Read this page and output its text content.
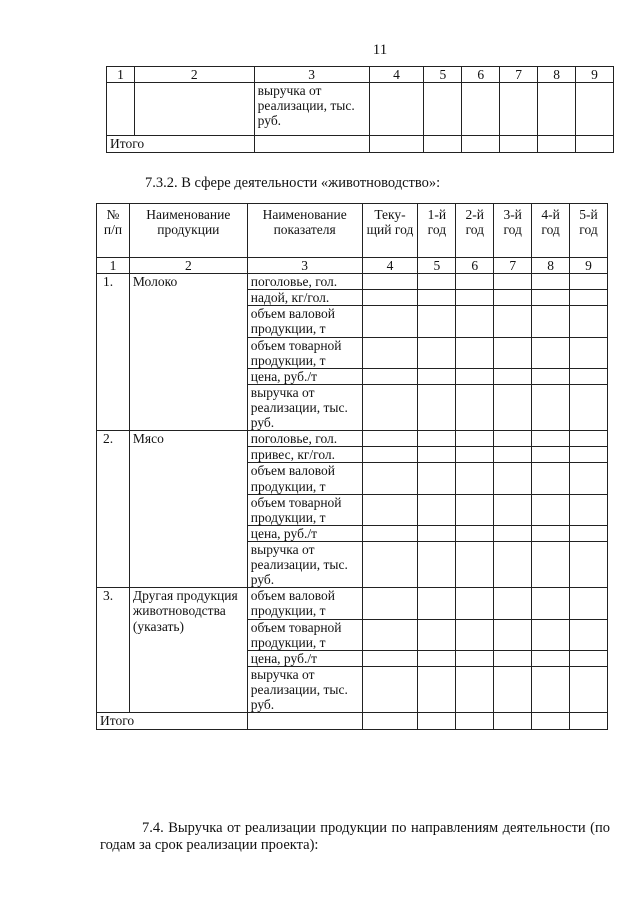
11
1	2	3	4	5	6	7	8	9
		выручка от реализации, тыс. руб.						
Итого								
7.3.2. В сфере деятельности «животноводство»:
№ п/п	Наименование продукции	Наименование показателя	Теку-щий год	1-й год	2-й год	3-й год	4-й год	5-й год
1	2	3	4	5	6	7	8	9
1.	Молоко	поголовье, гол.						
		надой, кг/гол.						
		объем валовой продукции, т						
		объем товарной продукции, т						
		цена, руб./т						
		выручка от реализации, тыс. руб.						
2.	Мясо	поголовье, гол.						
		привес, кг/гол.						
		объем валовой продукции, т						
		объем товарной продукции, т						
		цена, руб./т						
		выручка от реализации, тыс. руб.						
3.	Другая продукция животноводства (указать)	объем валовой продукции, т						
		объем товарной продукции, т						
		цена, руб./т						
		выручка от реализации, тыс. руб.						
Итого								
7.4. Выручка от реализации продукции по направлениям деятельности (по годам за срок реализации проекта):
